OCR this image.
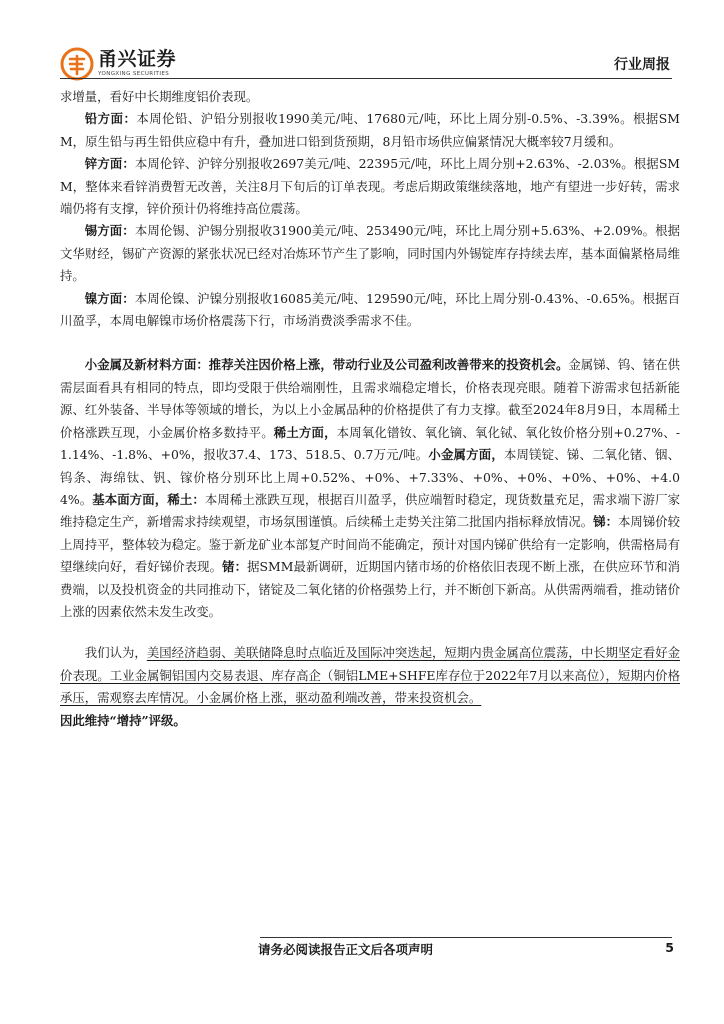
甬兴证券
YONGXING SECURITIES
行业周报

求增量，看好中长期维度铝价表现。

铅方面：本周伦铅、沪铅分别报收1990美元/吨、17680元/吨，环比上周分别-0.5%、-3.39%。根据SMM，原生铅与再生铅供应稳中有升，叠加进口铅到货预期，8月铅市场供应偏紧情况大概率较7月缓和。

锌方面：本周伦锌、沪锌分别报收2697美元/吨、22395元/吨，环比上周分别+2.63%、-2.03%。根据SMM，整体来看锌消费暂无改善，关注8月下旬后的订单表现。考虑后期政策继续落地，地产有望进一步好转，需求端仍将有支撑，锌价预计仍将维持高位震荡。

锡方面：本周伦锡、沪锡分别报收31900美元/吨、253490元/吨，环比上周分别+5.63%、+2.09%。根据文华财经，锡矿产资源的紧张状况已经对冶炼环节产生了影响，同时国内外锡锭库存持续去库，基本面偏紧格局维持。

镍方面：本周伦镍、沪镍分别报收16085美元/吨、129590元/吨，环比上周分别-0.43%、-0.65%。根据百川盈孚，本周电解镍市场价格震荡下行，市场消费淡季需求不佳。

小金属及新材料方面：推荐关注因价格上涨，带动行业及公司盈利改善带来的投资机会。金属锑、钨、锗在供需层面看具有相同的特点，即均受限于供给端刚性，且需求端稳定增长，价格表现亮眼。随着下游需求包括新能源、红外装备、半导体等领域的增长，为以上小金属品种的价格提供了有力支撑。截至2024年8月9日，本周稀土价格涨跌互现，小金属价格多数持平。稀土方面，本周氧化镨钕、氧化镝、氧化铽、氧化钕价格分别+0.27%、-1.14%、-1.8%、+0%，报收37.4、173、518.5、0.7万元/吨。小金属方面，本周镁锭、锑、二氧化锗、铟、钨条、海绵钛、钒、镓价格分别环比上周+0.52%、+0%、+7.33%、+0%、+0%、+0%、+0%、+4.04%。基本面方面，稀土：本周稀土涨跌互现，根据百川盈孚，供应端暂时稳定，现货数量充足，需求端下游厂家维持稳定生产，新增需求持续观望，市场氛围谨慎。后续稀土走势关注第二批国内指标释放情况。锑：本周锑价较上周持平，整体较为稳定。鉴于新龙矿业本部复产时间尚不能确定，预计对国内锑矿供给有一定影响，供需格局有望继续向好，看好锑价表现。锗：据SMM最新调研，近期国内锗市场的价格依旧表现不断上涨，在供应环节和消费端，以及投机资金的共同推动下，锗锭及二氧化锗的价格强势上行，并不断创下新高。从供需两端看，推动锗价上涨的因素依然未发生改变。

我们认为，美国经济趋弱、美联储降息时点临近及国际冲突迭起，短期内贵金属高位震荡，中长期坚定看好金价表现。工业金属铜铝国内交易表退、库存高企（铜铝LME+SHFE库存位于2022年7月以来高位），短期内价格承压，需观察去库情况。小金属价格上涨，驱动盈利端改善，带来投资机会。

因此维持“增持”评级。

请务必阅读报告正文后各项声明	5
